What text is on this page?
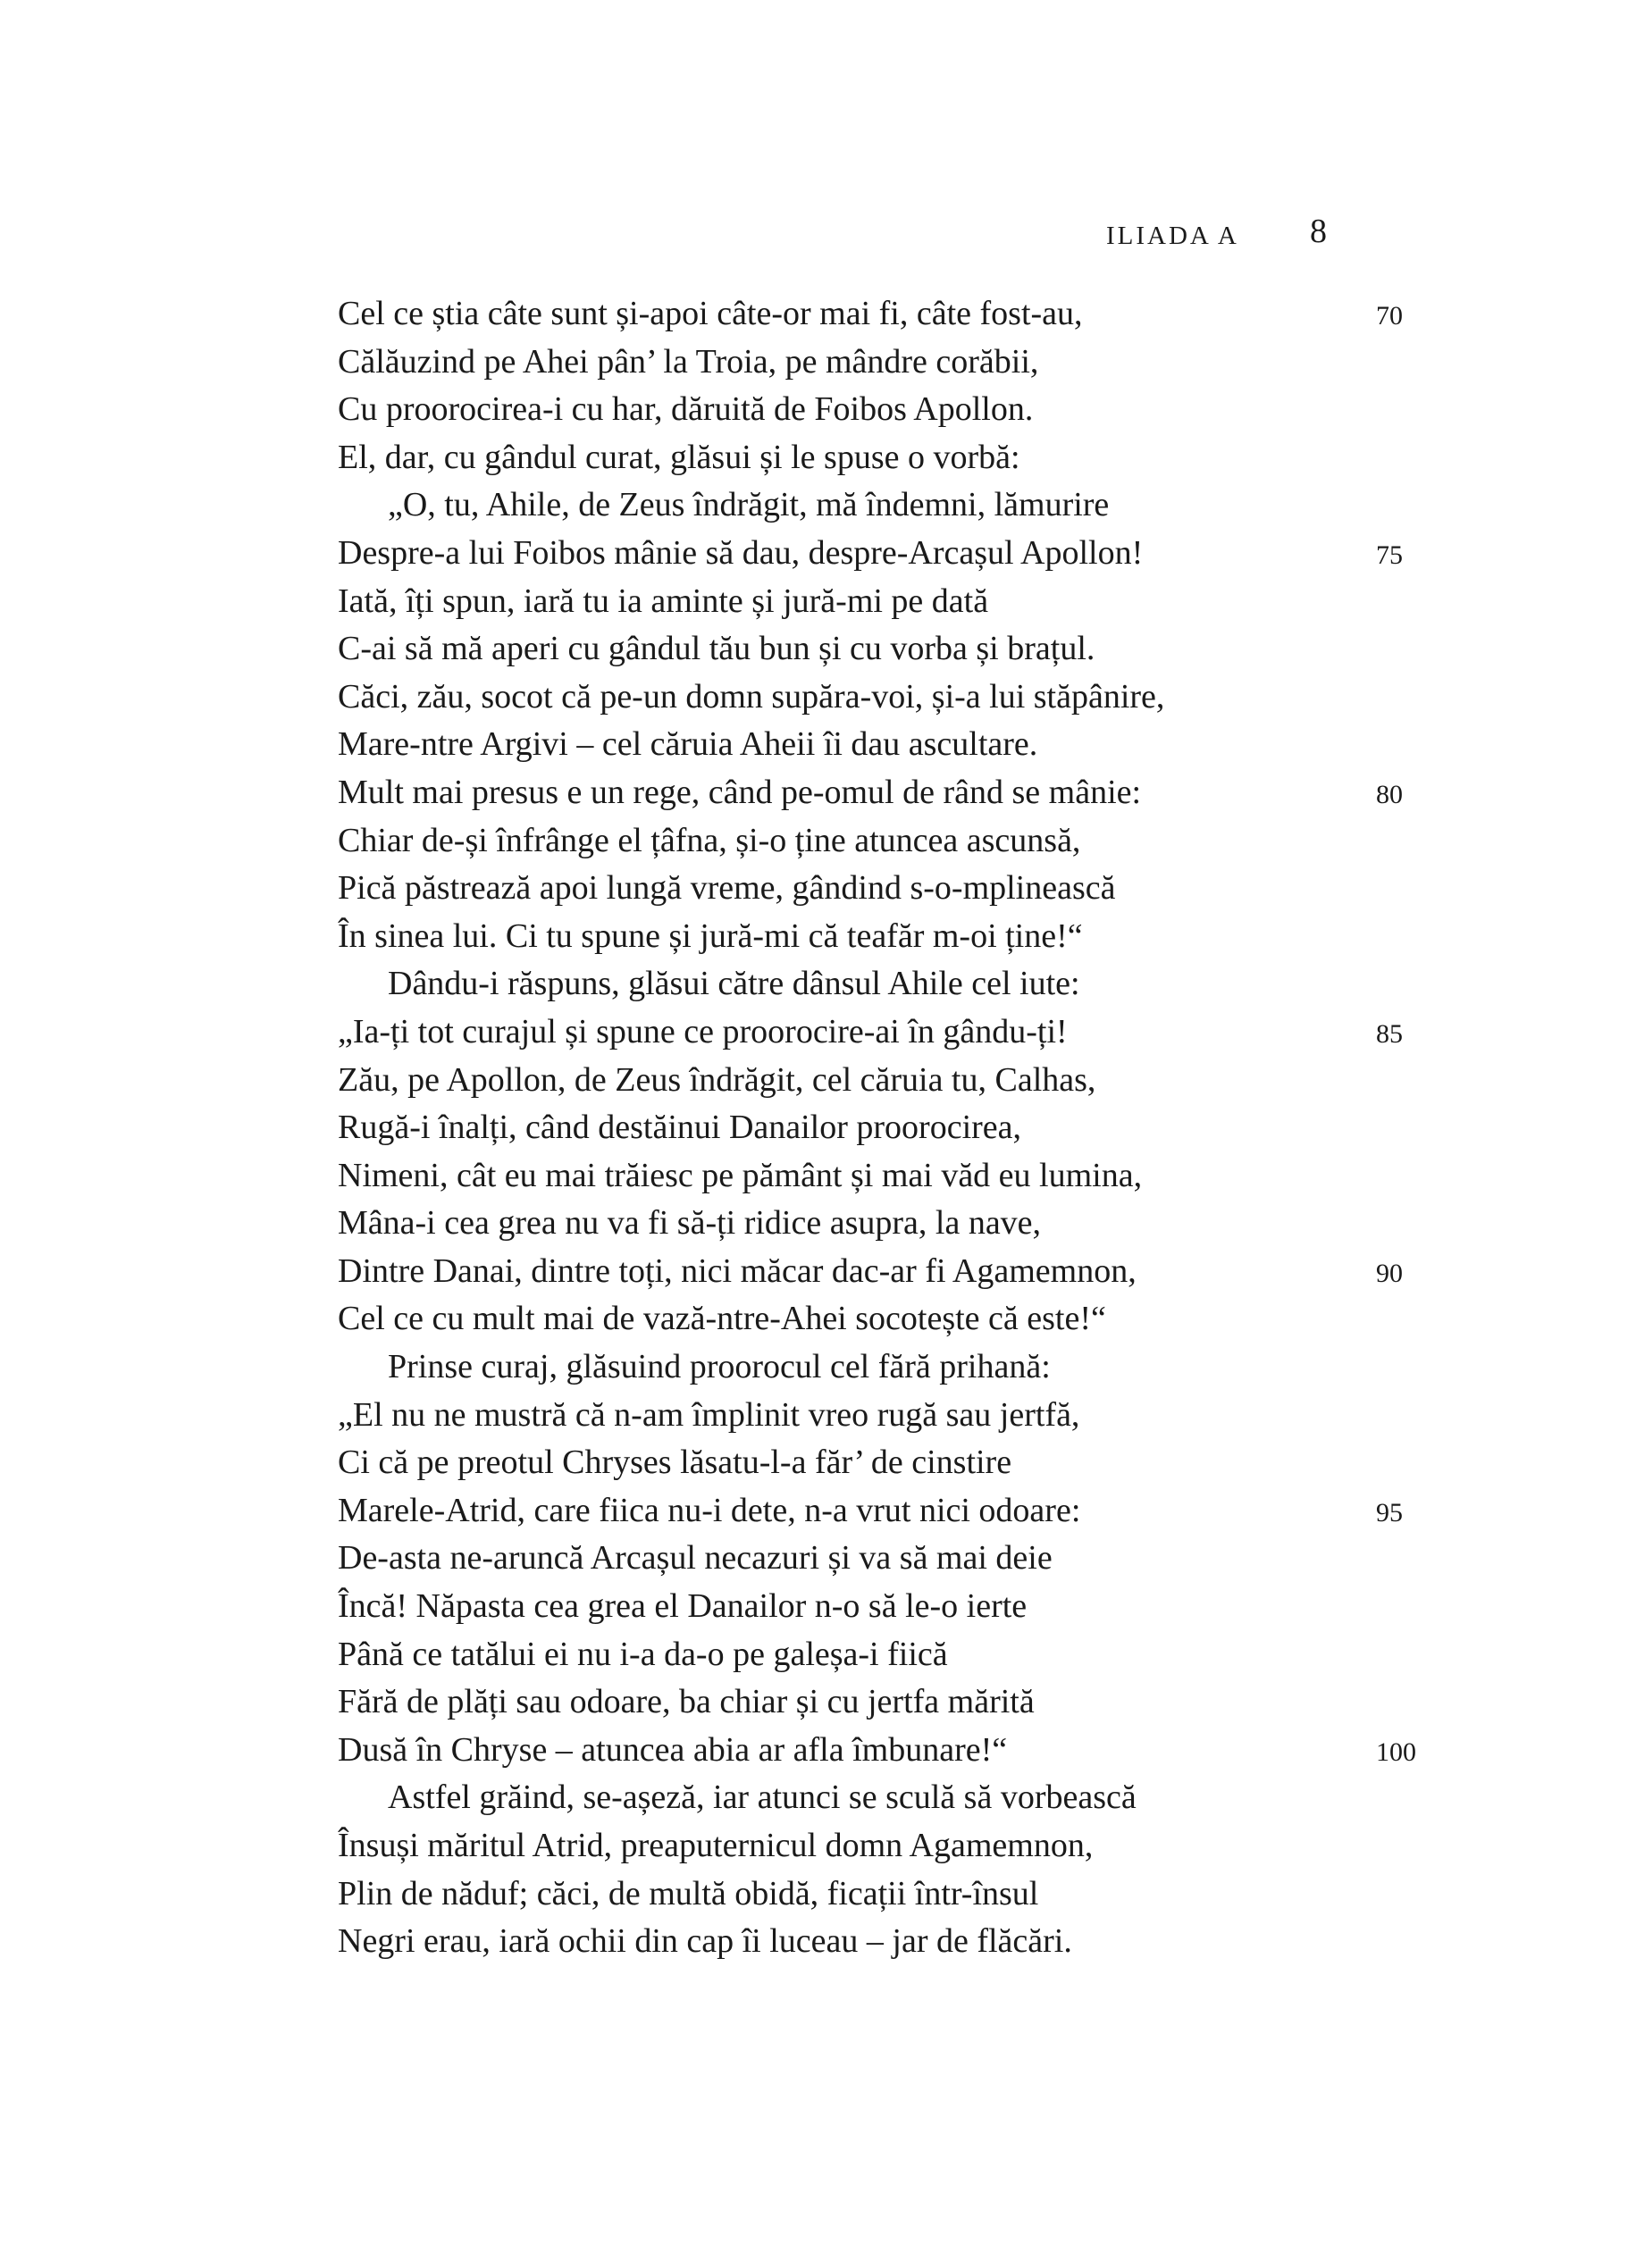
ILIADA A 8
Cel ce știa câte sunt și-apoi câte-or mai fi, câte fost-au,	70
Călăuzind pe Ahei pân’ la Troia, pe mândre corăbii,
Cu proorocirea-i cu har, dăruită de Foibos Apollon.
El, dar, cu gândul curat, glăsui și le spuse o vorbă:
„O, tu, Ahile, de Zeus îndrăgit, mă îndemni, lămurire
Despre-a lui Foibos mânie să dau, despre-Arcașul Apollon!	75
Iată, îți spun, iară tu ia aminte și jură-mi pe dată
C-ai să mă aperi cu gândul tău bun și cu vorba și brațul.
Căci, zău, socot că pe-un domn supăra-voi, și-a lui stăpânire,
Mare-ntre Argivi – cel căruia Aheii îi dau ascultare.
Mult mai presus e un rege, când pe-omul de rând se mânie:	80
Chiar de-și înfrânge el țâfna, și-o ține atuncea ascunsă,
Pică păstrează apoi lungă vreme, gândind s-o-mplinească
În sinea lui. Ci tu spune și jură-mi că teafăr m-oi ține!“
Dându-i răspuns, glăsui către dânsul Ahile cel iute:
„Ia-ți tot curajul și spune ce proorocire-ai în gându-ți!	85
Zău, pe Apollon, de Zeus îndrăgit, cel căruia tu, Calhas,
Rugă-i înalți, când destăinui Danailor proorocirea,
Nimeni, cât eu mai trăiesc pe pământ și mai văd eu lumina,
Mâna-i cea grea nu va fi să-ți ridice asupra, la nave,
Dintre Danai, dintre toți, nici măcar dac-ar fi Agamemnon,	90
Cel ce cu mult mai de vază-ntre-Ahei socotește că este!“
Prinse curaj, glăsuind proorocul cel fără prihană:
„El nu ne mustră că n-am împlinit vreo rugă sau jertfă,
Ci că pe preotul Chryses lăsatu-l-a făr’ de cinstire
Marele-Atrid, care fiica nu-i dete, n-a vrut nici odoare:	95
De-asta ne-aruncă Arcașul necazuri și va să mai deie
Încă! Năpasta cea grea el Danailor n-o să le-o ierte
Până ce tatălui ei nu i-a da-o pe galeșa-i fiică
Fără de plăți sau odoare, ba chiar și cu jertfa mărită
Dusă în Chryse – atuncea abia ar afla îmbunare!“	100
Astfel grăind, se-așeză, iar atunci se sculă să vorbească
Însuși măritul Atrid, preaputernicul domn Agamemnon,
Plin de năduf; căci, de multă obidă, ficații într-însul
Negri erau, iară ochii din cap îi luceau – jar de flăcări.
